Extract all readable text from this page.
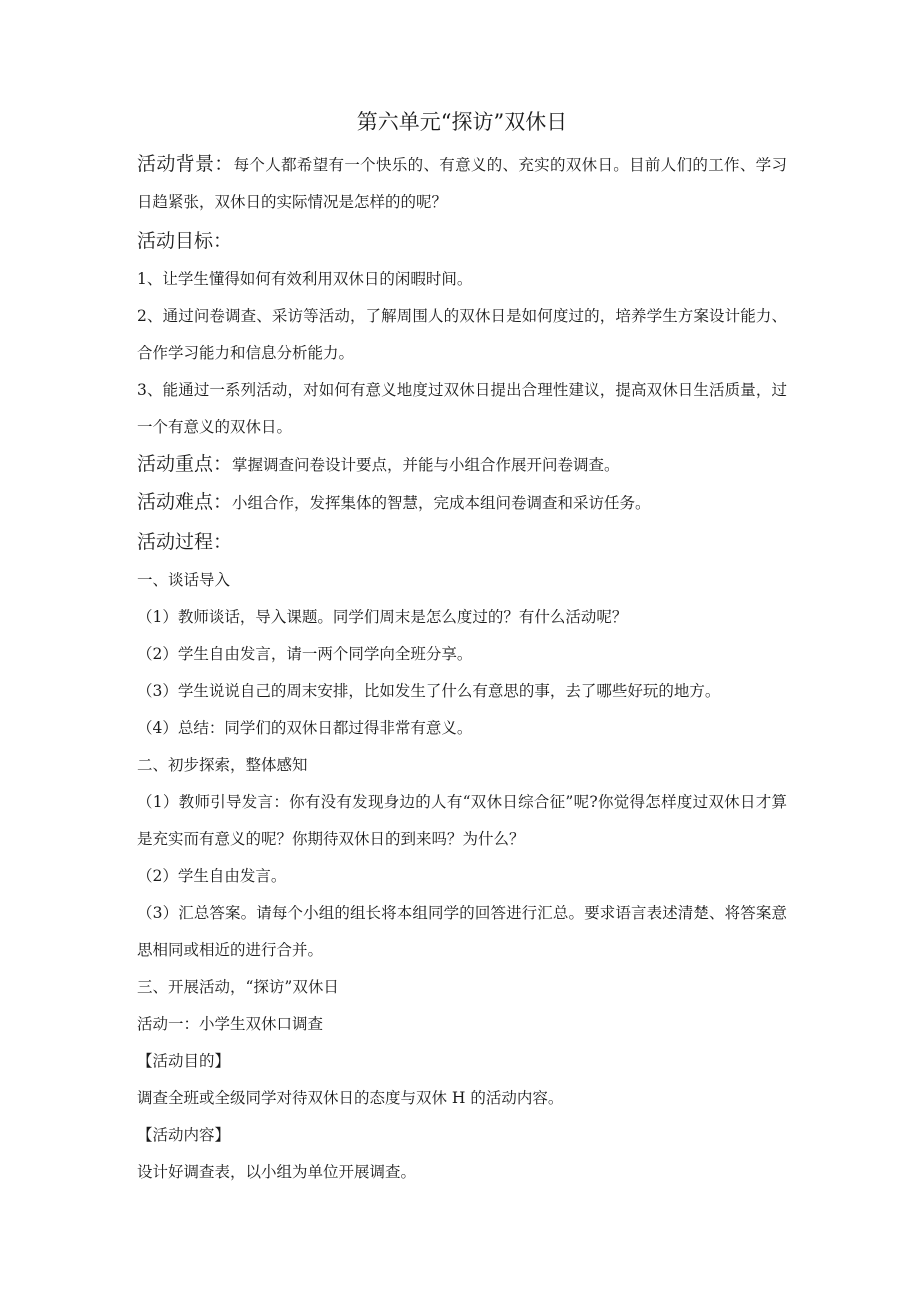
第六单元“探访”双休日

活动背景：每个人都希望有一个快乐的、有意义的、充实的双休日。目前人们的工作、学习日趋紧张，双休日的实际情况是怎样的的呢？

活动目标：

1、让学生懂得如何有效利用双休日的闲暇时间。

2、通过问卷调查、采访等活动，了解周围人的双休日是如何度过的，培养学生方案设计能力、合作学习能力和信息分析能力。

3、能通过一系列活动，对如何有意义地度过双休日提出合理性建议，提高双休日生活质量，过一个有意义的双休日。

活动重点：掌握调查问卷设计要点，并能与小组合作展开问卷调查。

活动难点：小组合作，发挥集体的智慧，完成本组问卷调查和采访任务。

活动过程：

一、谈话导入

（1）教师谈话，导入课题。同学们周末是怎么度过的？有什么活动呢？

（2）学生自由发言，请一两个同学向全班分享。

（3）学生说说自己的周末安排，比如发生了什么有意思的事，去了哪些好玩的地方。

（4）总结：同学们的双休日都过得非常有意义。

二、初步探索，整体感知

（1）教师引导发言：你有没有发现身边的人有“双休日综合征”呢?你觉得怎样度过双休日才算是充实而有意义的呢？你期待双休日的到来吗？为什么？

（2）学生自由发言。

（3）汇总答案。请每个小组的组长将本组同学的回答进行汇总。要求语言表述清楚、将答案意思相同或相近的进行合并。

三、开展活动，“探访”双休日

活动一：小学生双休口调查

【活动目的】

调查全班或全级同学对待双休日的态度与双休 H 的活动内容。

【活动内容】

设计好调查表，以小组为单位开展调查。
